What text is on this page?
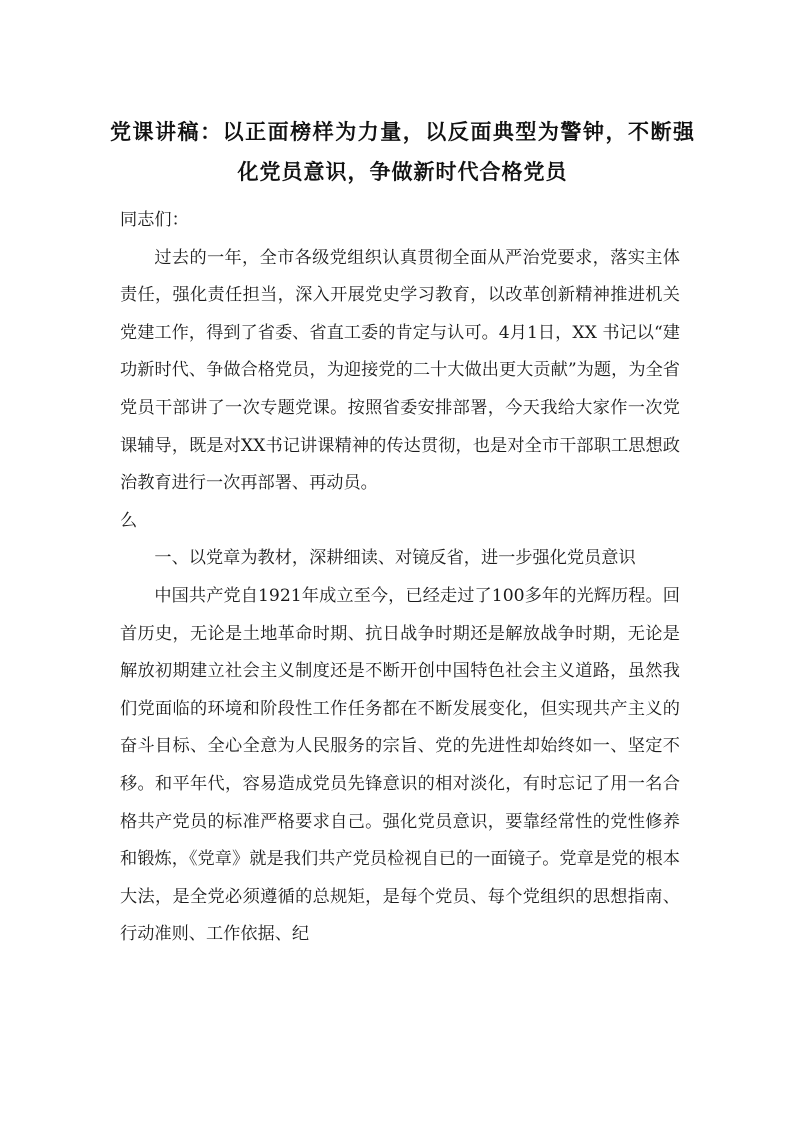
党课讲稿：以正面榜样为力量，以反面典型为警钟，不断强化党员意识，争做新时代合格党员

同志们：

过去的一年，全市各级党组织认真贯彻全面从严治党要求，落实主体责任，强化责任担当，深入开展党史学习教育，以改革创新精神推进机关党建工作，得到了省委、省直工委的肯定与认可。4月1日，XX 书记以“建功新时代、争做合格党员，为迎接党的二十大做出更大贡献”为题，为全省党员干部讲了一次专题党课。按照省委安排部署，今天我给大家作一次党课辅导，既是对XX书记讲课精神的传达贯彻，也是对全市干部职工思想政治教育进行一次再部署、再动员。

么

一、以党章为教材，深耕细读、对镜反省，进一步强化党员意识

中国共产党自1921年成立至今，已经走过了100多年的光辉历程。回首历史，无论是土地革命时期、抗日战争时期还是解放战争时期，无论是解放初期建立社会主义制度还是不断开创中国特色社会主义道路，虽然我们党面临的环境和阶段性工作任务都在不断发展变化，但实现共产主义的奋斗目标、全心全意为人民服务的宗旨、党的先进性却始终如一、坚定不移。和平年代，容易造成党员先锋意识的相对淡化，有时忘记了用一名合格共产党员的标准严格要求自己。强化党员意识，要靠经常性的党性修养和锻炼，《党章》就是我们共产党员检视自已的一面镜子。党章是党的根本大法，是全党必须遵循的总规矩，是每个党员、每个党组织的思想指南、行动准则、工作依据、纪
